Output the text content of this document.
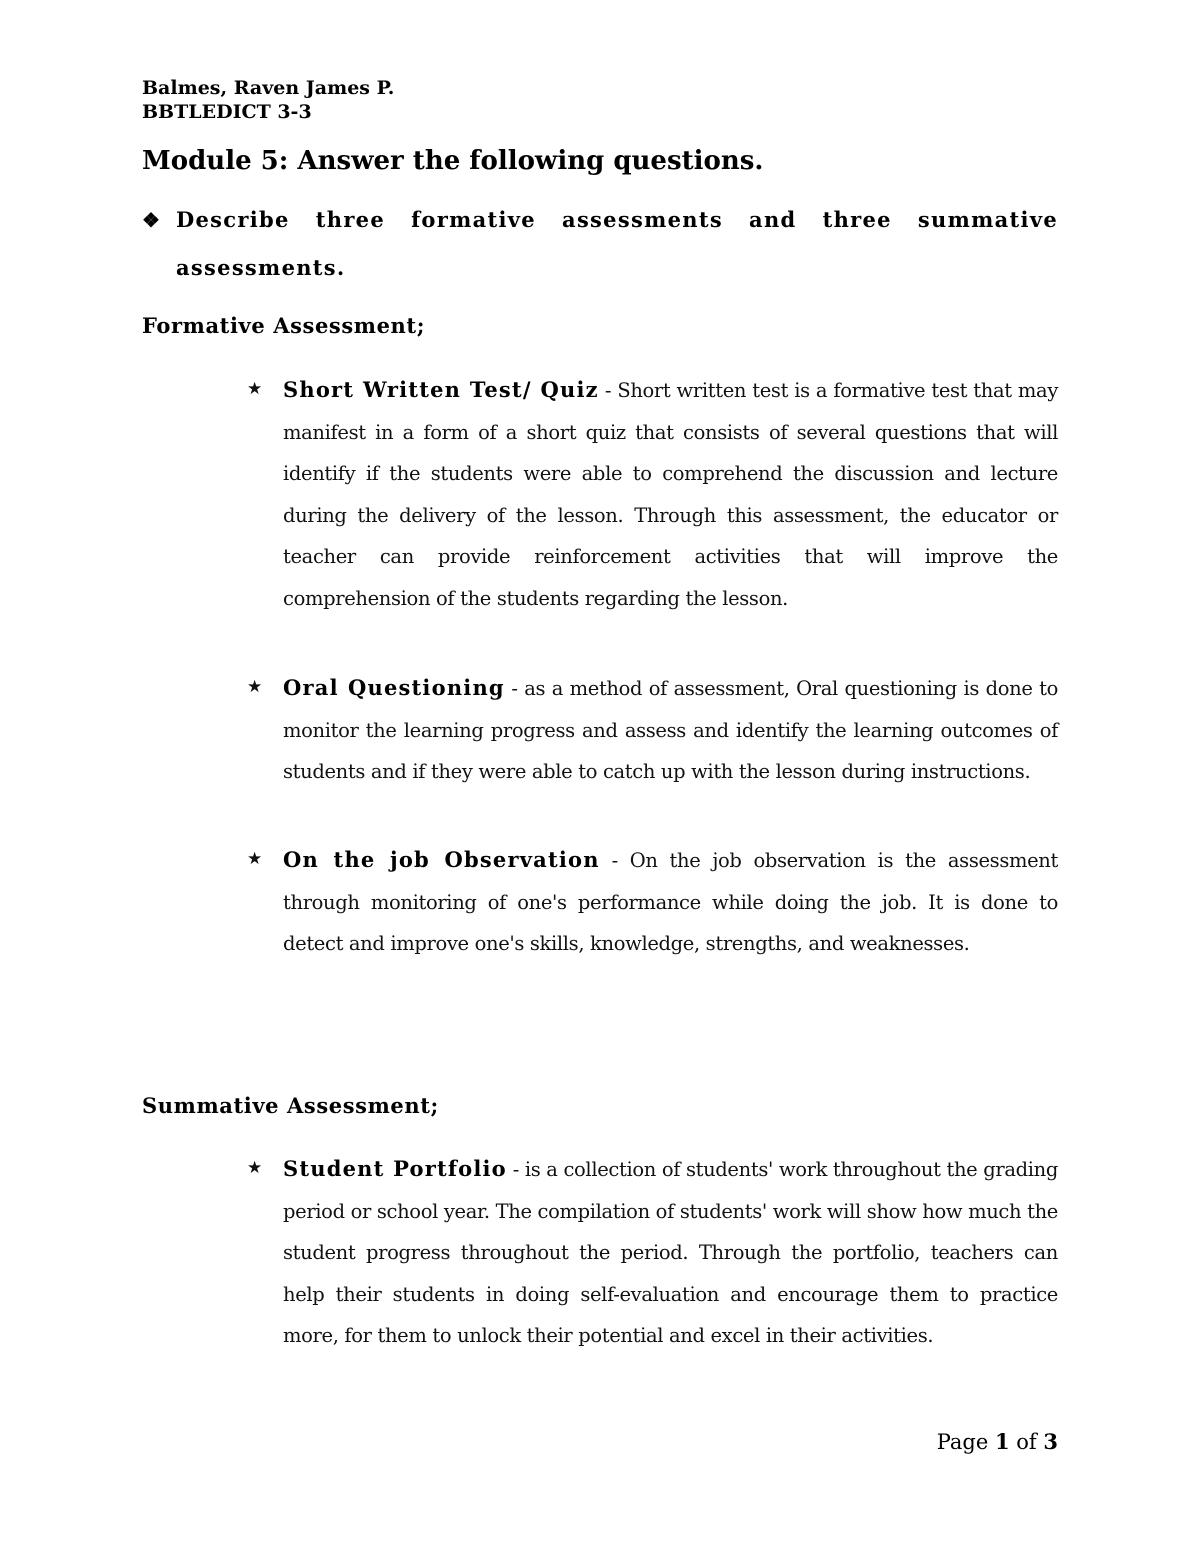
Balmes, Raven James P.
BBTLEDICT 3-3
Module 5: Answer the following questions.
❖ Describe three formative assessments and three summative
assessments.
Formative Assessment;
★ Short Written Test/ Quiz - Short written test is a formative test that may manifest in a form of a short quiz that consists of several questions that will identify if the students were able to comprehend the discussion and lecture during the delivery of the lesson. Through this assessment, the educator or teacher can provide reinforcement activities that will improve the comprehension of the students regarding the lesson.
★ Oral Questioning - as a method of assessment, Oral questioning is done to monitor the learning progress and assess and identify the learning outcomes of students and if they were able to catch up with the lesson during instructions.
★ On the job Observation - On the job observation is the assessment through monitoring of one's performance while doing the job. It is done to detect and improve one's skills, knowledge, strengths, and weaknesses.
Summative Assessment;
★ Student Portfolio - is a collection of students' work throughout the grading period or school year. The compilation of students' work will show how much the student progress throughout the period. Through the portfolio, teachers can help their students in doing self-evaluation and encourage them to practice more, for them to unlock their potential and excel in their activities.
Page 1 of 3
